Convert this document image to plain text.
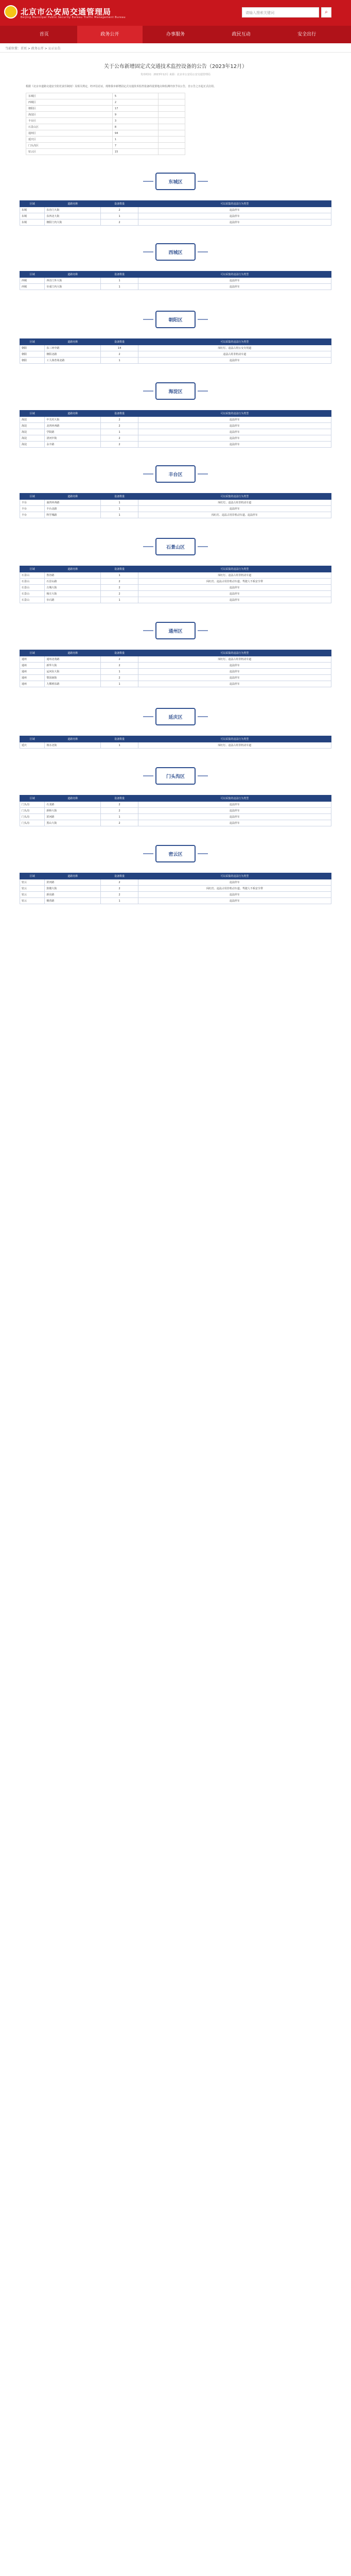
北京市公安局交通管理局
Beijing Municipal Public Security Bureau Traffic Management Bureau
请输入搜索关键词	⌕
首页	政务公开	办事服务	政民互动	安全出行
当前位置：首页 > 政务公开 > 公示公告
关于公布新增固定式交通技术监控设备的公告（2023年12月）
发布时间：2023年12月 来源：北京市公安局公安交通管理局
根据《北京市道路交通安全防范责任制度》及相关规定，经评估论证，现将我市新增固定式交通技术监控设备的设置地点和监测内容予以公告，自公告之日起正式启用。
东城区	5	
西城区	2	
朝阳区	17	
海淀区	9	
丰台区	3	
石景山区	8	
通州区	94	
延庆区	1	
门头沟区	7	
密云区	15	
东城区
区域	道路名称	设备数量	可以采集的违法行为类型
东城	东直门大街	2	违法停车
东城	东四北大街	1	违法停车
东城	朝阳门内大街	2	违法停车
西城区
区域	道路名称	设备数量	可以采集的违法行为类型
西城	西直门外大街	1	违法停车
西城	阜成门内大街	1	违法停车
朝阳区
区域	道路名称	设备数量	可以采集的违法行为类型
朝阳	东三环中路	14	闯红灯、违法占用公交专用道
朝阳	朝阳北路	2	违法占用非机动车道
朝阳	工人体育场北路	1	违法停车
海淀区
区域	道路名称	设备数量	可以采集的违法行为类型
海淀	中关村大街	2	违法停车
海淀	北四环西路	2	违法停车
海淀	学院路	1	违法停车
海淀	清河中街	2	违法停车
海淀	永丰路	2	违法停车
丰台区
区域	道路名称	设备数量	可以采集的违法行为类型
丰台	南四环西路	1	闯红灯、违法占用非机动车道
丰台	丰台北路	1	违法停车
丰台	科学城路	1	闯红灯、违法占用非机动车道、违法停车
石景山区
区域	道路名称	设备数量	可以采集的违法行为类型
石景山	鲁谷路	1	闯红灯、违法占用非机动车道
石景山	石景山路	2	闯红灯、违法占用非机动车道、驾驶人不系安全带
石景山	古城大街	2	违法停车
石景山	杨庄大街	2	违法停车
石景山	阜石路	1	违法停车
通州区
区域	道路名称	设备数量	可以采集的违法行为类型
通州	通州北苑路	2	闯红灯、违法占用非机动车道
通州	新华大街	2	违法停车
通州	运河东大街	1	违法停车
通州	梨园南街	2	违法停车
通州	九棵树东路	1	违法停车
延庆区
区域	道路名称	设备数量	可以采集的违法行为类型
延庆	妫水北街	1	闯红灯、违法占用非机动车道
门头沟区
区域	道路名称	设备数量	可以采集的违法行为类型
门头沟	石龙路	2	违法停车
门头沟	新桥大街	2	违法停车
门头沟	滨河路	1	违法停车
门头沟	黑山大街	2	违法停车
密云区
区域	道路名称	设备数量	可以采集的违法行为类型
密云	滨河路	2	违法停车
密云	鼓楼大街	2	闯红灯、违法占用非机动车道、驾驶人不系安全带
密云	新东路	2	违法停车
密云	檀营路	1	违法停车
